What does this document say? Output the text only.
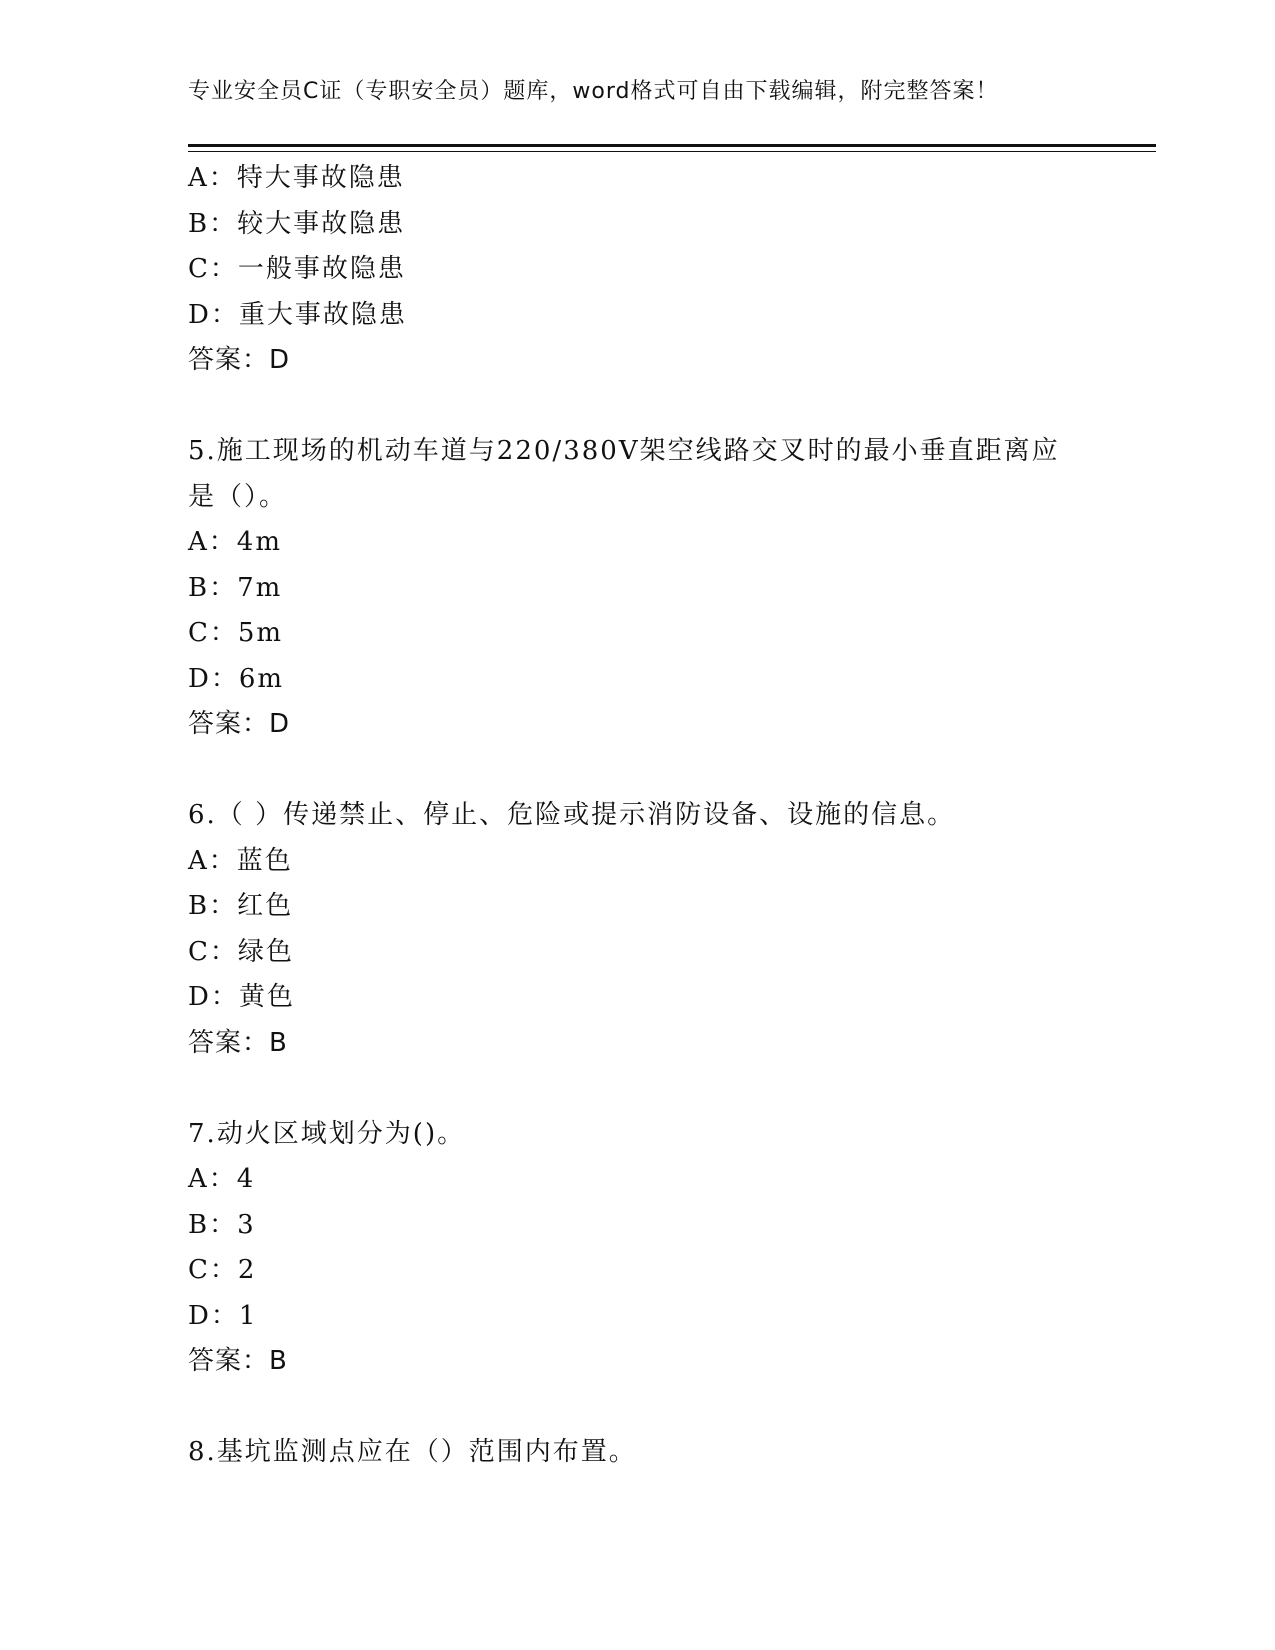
专业安全员C证（专职安全员）题库，word格式可自由下载编辑，附完整答案！
A：特大事故隐患
B：较大事故隐患
C：一般事故隐患
D：重大事故隐患
答案：D
5.施工现场的机动车道与220/380V架空线路交叉时的最小垂直距离应
是（）。
A：4m
B：7m
C：5m
D：6m
答案：D
6.（ ）传递禁止、停止、危险或提示消防设备、设施的信息。
A：蓝色
B：红色
C：绿色
D：黄色
答案：B
7.动火区域划分为()。
A：4
B：3
C：2
D：1
答案：B
8.基坑监测点应在（）范围内布置。
